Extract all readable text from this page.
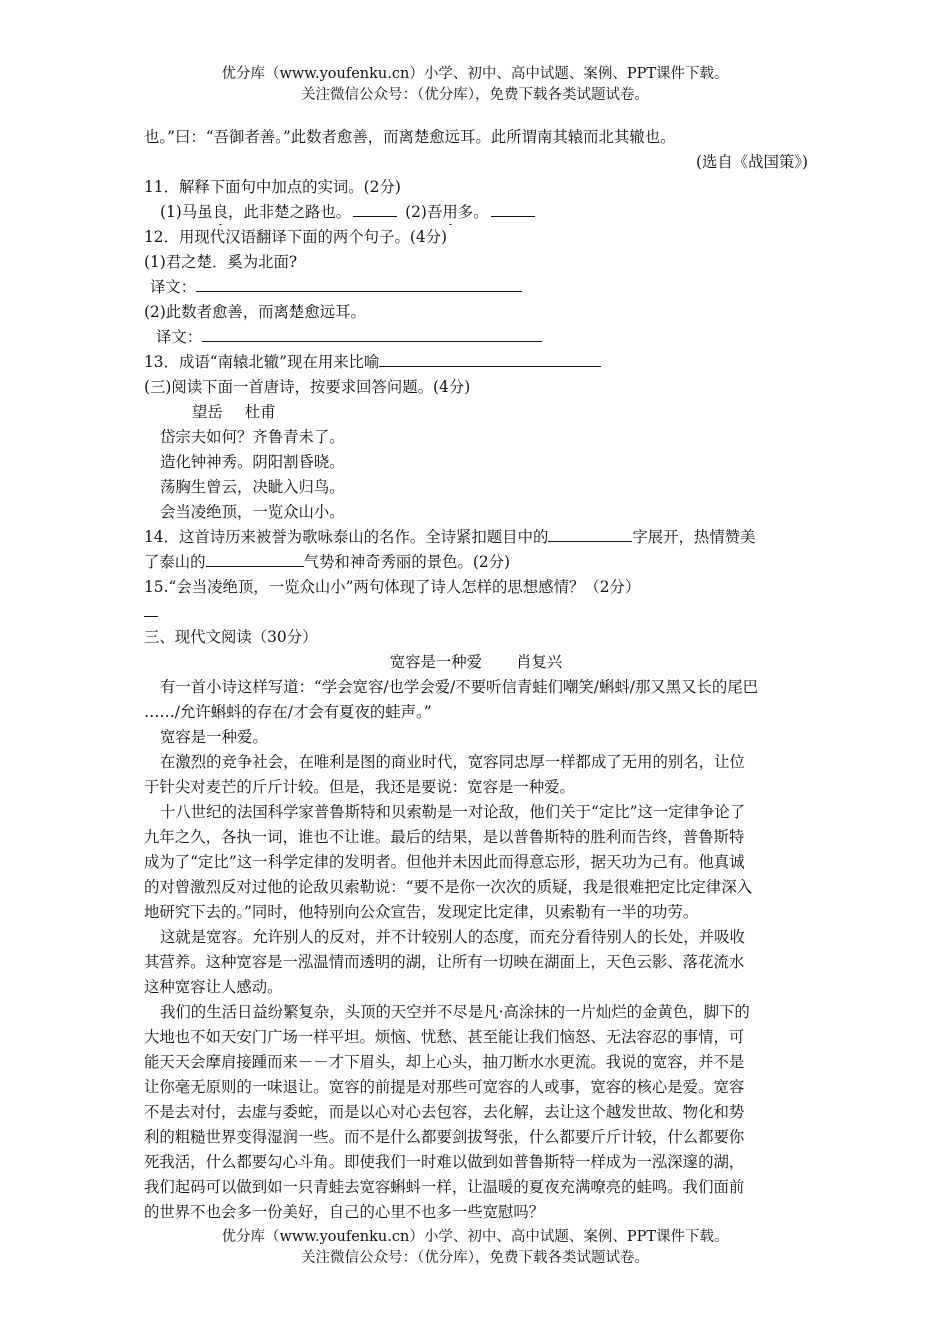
优分库（www.youfenku.cn）小学、初中、高中试题、案例、PPT课件下载。
关注微信公众号：（优分库），免费下载各类试题试卷。
也。”曰：“吾御者善。”此数者愈善，而离楚愈远耳。此所谓南其辕而北其辙也。
(选自《战国策》)
11．解释下面句中加点的实词。(2分)
(1)马虽良，此非楚之路也。	(2)吾用多。
12．用现代汉语翻译下面的两个句子。(4分)
(1)君之楚．奚为北面?
译文：
(2)此数者愈善，而离楚愈远耳。
译文：
13．成语“南辕北辙”现在用来比喻
(三)阅读下面一首唐诗，按要求回答问题。(4分)
望岳 杜甫
岱宗夫如何？齐鲁青未了。
造化钟神秀。阴阳割昏晓。
荡胸生曾云，决眦入归鸟。
会当凌绝顶，一览众山小。
14．这首诗历来被誉为歌咏泰山的名作。全诗紧扣题目中的	字展开，热情赞美
了泰山的	气势和神奇秀丽的景色。(2分)
15.“会当凌绝顶，一览众山小”两句体现了诗人怎样的思想感情？（2分）
三、现代文阅读（30分）
宽容是一种爱 肖复兴
有一首小诗这样写道：“学会宽容/也学会爱/不要听信青蛙们嘲笑/蝌蚪/那又黑又长的尾巴
……/允许蝌蚪的存在/才会有夏夜的蛙声。”
宽容是一种爱。
在激烈的竞争社会，在唯利是图的商业时代，宽容同忠厚一样都成了无用的别名，让位
于针尖对麦芒的斤斤计较。但是，我还是要说：宽容是一种爱。
十八世纪的法国科学家普鲁斯特和贝索勒是一对论敌，他们关于“定比”这一定律争论了
九年之久，各执一词，谁也不让谁。最后的结果，是以普鲁斯特的胜利而告终，普鲁斯特
成为了“定比”这一科学定律的发明者。但他并未因此而得意忘形，据天功为己有。他真诚
的对曾激烈反对过他的论敌贝索勒说：“要不是你一次次的质疑，我是很难把定比定律深入
地研究下去的。”同时，他特别向公众宣告，发现定比定律，贝索勒有一半的功劳。
这就是宽容。允许别人的反对，并不计较别人的态度，而充分看待别人的长处，并吸收
其营养。这种宽容是一泓温情而透明的湖，让所有一切映在湖面上，天色云影、落花流水
这种宽容让人感动。
我们的生活日益纷繁复杂，头顶的天空并不尽是凡·高涂抹的一片灿烂的金黄色，脚下的
大地也不如天安门广场一样平坦。烦恼、忧愁、甚至能让我们恼怒、无法容忍的事情，可
能天天会摩肩接踵而来－－才下眉头，却上心头，抽刀断水水更流。我说的宽容，并不是
让你毫无原则的一味退让。宽容的前提是对那些可宽容的人或事，宽容的核心是爱。宽容
不是去对付，去虚与委蛇，而是以心对心去包容，去化解，去让这个越发世故、物化和势
利的粗糙世界变得湿润一些。而不是什么都要剑拔弩张，什么都要斤斤计较，什么都要你
死我活，什么都要勾心斗角。即使我们一时难以做到如普鲁斯特一样成为一泓深邃的湖，
我们起码可以做到如一只青蛙去宽容蝌蚪一样，让温暖的夏夜充满嘹亮的蛙鸣。我们面前
的世界不也会多一份美好，自己的心里不也多一些宽慰吗？
优分库（www.youfenku.cn）小学、初中、高中试题、案例、PPT课件下载。
关注微信公众号：（优分库），免费下载各类试题试卷。
